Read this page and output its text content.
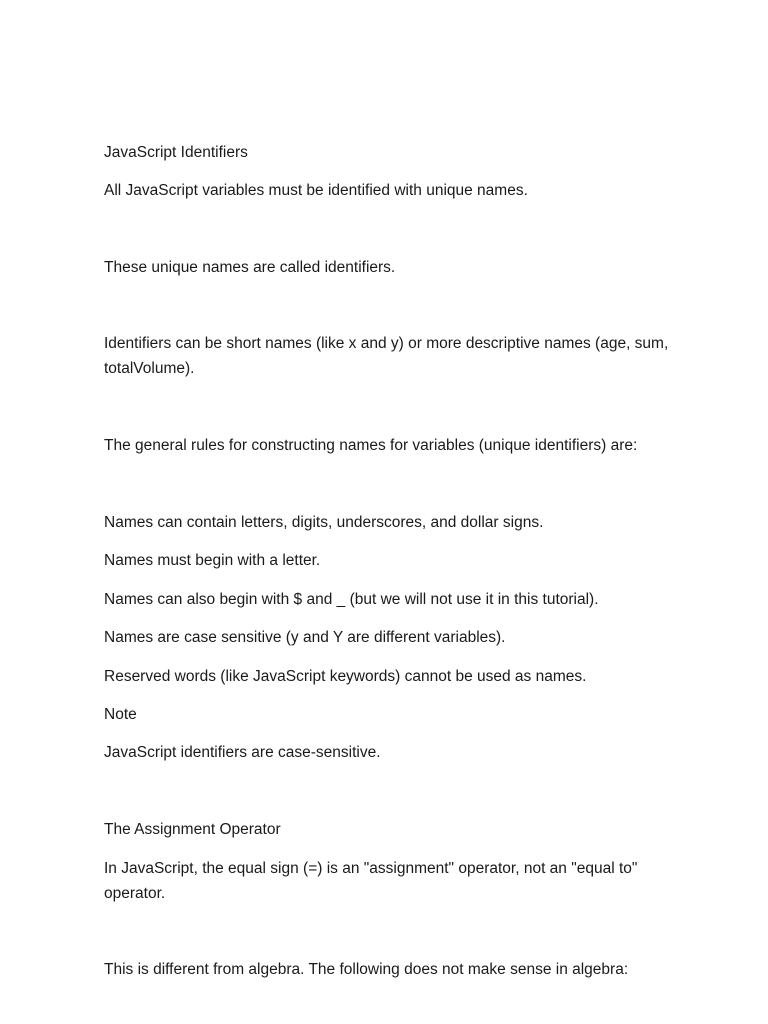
JavaScript Identifiers
All JavaScript variables must be identified with unique names.
These unique names are called identifiers.
Identifiers can be short names (like x and y) or more descriptive names (age, sum, totalVolume).
The general rules for constructing names for variables (unique identifiers) are:
Names can contain letters, digits, underscores, and dollar signs.
Names must begin with a letter.
Names can also begin with $ and _ (but we will not use it in this tutorial).
Names are case sensitive (y and Y are different variables).
Reserved words (like JavaScript keywords) cannot be used as names.
Note
JavaScript identifiers are case-sensitive.
The Assignment Operator
In JavaScript, the equal sign (=) is an "assignment" operator, not an "equal to" operator.
This is different from algebra. The following does not make sense in algebra:
